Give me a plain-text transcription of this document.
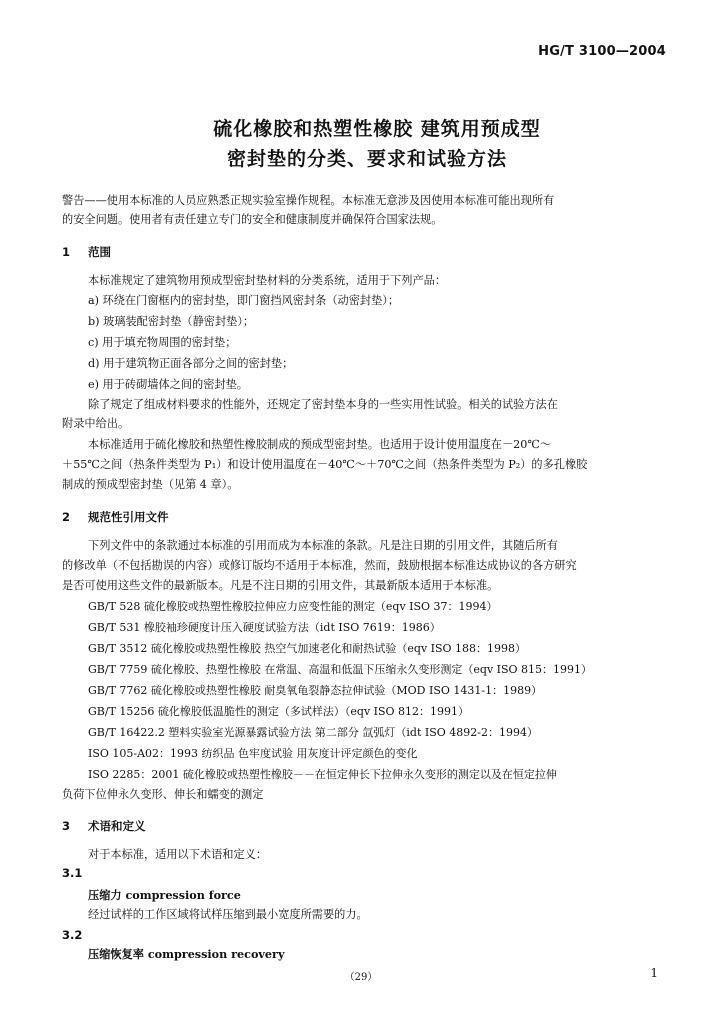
HG/T 3100—2004
硫化橡胶和热塑性橡胶 建筑用预成型
密封垫的分类、要求和试验方法
警告——使用本标准的人员应熟悉正规实验室操作规程。本标准无意涉及因使用本标准可能出现所有
的安全问题。使用者有责任建立专门的安全和健康制度并确保符合国家法规。
1 范围
本标准规定了建筑物用预成型密封垫材料的分类系统，适用于下列产品：
a) 环绕在门窗框内的密封垫，即门窗挡风密封条（动密封垫）；
b) 玻璃装配密封垫（静密封垫）；
c) 用于填充物周围的密封垫；
d) 用于建筑物正面各部分之间的密封垫；
e) 用于砖砌墙体之间的密封垫。
除了规定了组成材料要求的性能外，还规定了密封垫本身的一些实用性试验。相关的试验方法在
附录中给出。
本标准适用于硫化橡胶和热塑性橡胶制成的预成型密封垫。也适用于设计使用温度在－20℃～
＋55℃之间（热条件类型为 P₁）和设计使用温度在－40℃～＋70℃之间（热条件类型为 P₂）的多孔橡胶
制成的预成型密封垫（见第 4 章）。
2 规范性引用文件
下列文件中的条款通过本标准的引用而成为本标准的条款。凡是注日期的引用文件，其随后所有
的修改单（不包括勘误的内容）或修订版均不适用于本标准，然而，鼓励根据本标准达成协议的各方研究
是否可使用这些文件的最新版本。凡是不注日期的引用文件，其最新版本适用于本标准。
GB/T 528 硫化橡胶或热塑性橡胶拉伸应力应变性能的测定（eqv ISO 37：1994）
GB/T 531 橡胶袖珍硬度计压入硬度试验方法（idt ISO 7619：1986）
GB/T 3512 硫化橡胶或热塑性橡胶 热空气加速老化和耐热试验（eqv ISO 188：1998）
GB/T 7759 硫化橡胶、热塑性橡胶 在常温、高温和低温下压缩永久变形测定（eqv ISO 815：1991）
GB/T 7762 硫化橡胶或热塑性橡胶 耐臭氧龟裂静态拉伸试验（MOD ISO 1431-1：1989）
GB/T 15256 硫化橡胶低温脆性的测定（多试样法）（eqv ISO 812：1991）
GB/T 16422.2 塑料实验室光源暴露试验方法 第二部分 氙弧灯（idt ISO 4892-2：1994）
ISO 105-A02：1993 纺织品 色牢度试验 用灰度计评定颜色的变化
ISO 2285：2001 硫化橡胶或热塑性橡胶－－在恒定伸长下拉伸永久变形的测定以及在恒定拉伸
负荷下位伸永久变形、伸长和蠕变的测定
3 术语和定义
对于本标准，适用以下术语和定义：
3.1
压缩力 compression force
经过试样的工作区域将试样压缩到最小宽度所需要的力。
3.2
压缩恢复率 compression recovery
（29）	1
